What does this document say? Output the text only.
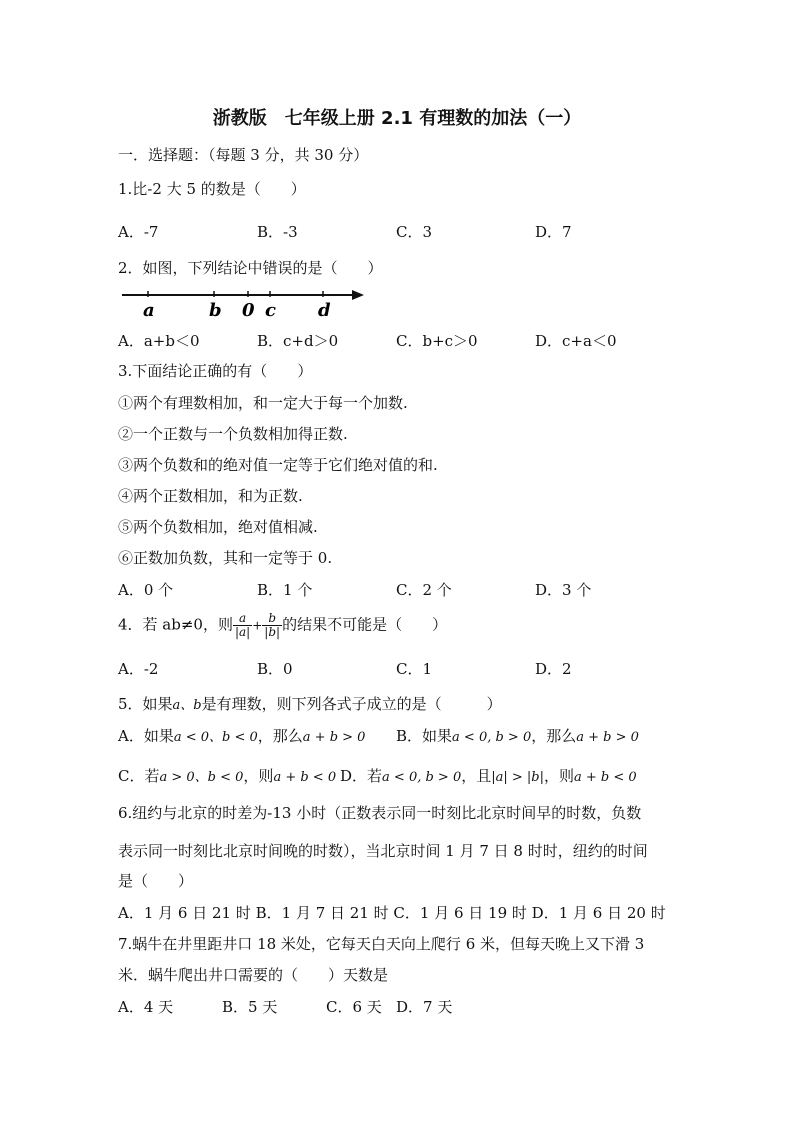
浙教版　七年级上册 2.1 有理数的加法（一）
一．选择题：（每题 3 分，共 30 分）
1.比-2 大 5 的数是（　　）
A．-7	B．-3	C．3	D．7
2．如图，下列结论中错误的是（　　）
a	b 0 c d
A．a+b＜0	B．c+d＞0	C．b+c＞0	D．c+a＜0
3.下面结论正确的有（　　）
①两个有理数相加，和一定大于每一个加数.
②一个正数与一个负数相加得正数.
③两个负数和的绝对值一定等于它们绝对值的和.
④两个正数相加，和为正数.
⑤两个负数相加，绝对值相减.
⑥正数加负数，其和一定等于 0.
A．0 个	B．1 个	C．2 个	D．3 个
4．若 ab≠0，则 $\frac{a}{|a|} + \frac{b}{|b|}$ 的结果不可能是（　　）
A．-2	B．0	C．1	D．2
5．如果a、b是有理数，则下列各式子成立的是（　　　）
A．如果a < 0、b < 0，那么a + b > 0 B．如果a < 0, b > 0，那么a + b > 0
C．若a > 0、b < 0，则a + b < 0 D．若a < 0, b > 0，且|a| > |b|，则a + b < 0
6.纽约与北京的时差为-13 小时（正数表示同一时刻比北京时间早的时数，负数
表示同一时刻比北京时间晚的时数），当北京时间 1 月 7 日 8 时时，纽约的时间
是（　　）
A．1 月 6 日 21 时 B．1 月 7 日 21 时 C．1 月 6 日 19 时 D．1 月 6 日 20 时
7.蜗牛在井里距井口 18 米处，它每天白天向上爬行 6 米，但每天晚上又下滑 3
米．蜗牛爬出井口需要的（　　）天数是
A．4 天	B．5 天	C．6 天 D．7 天
